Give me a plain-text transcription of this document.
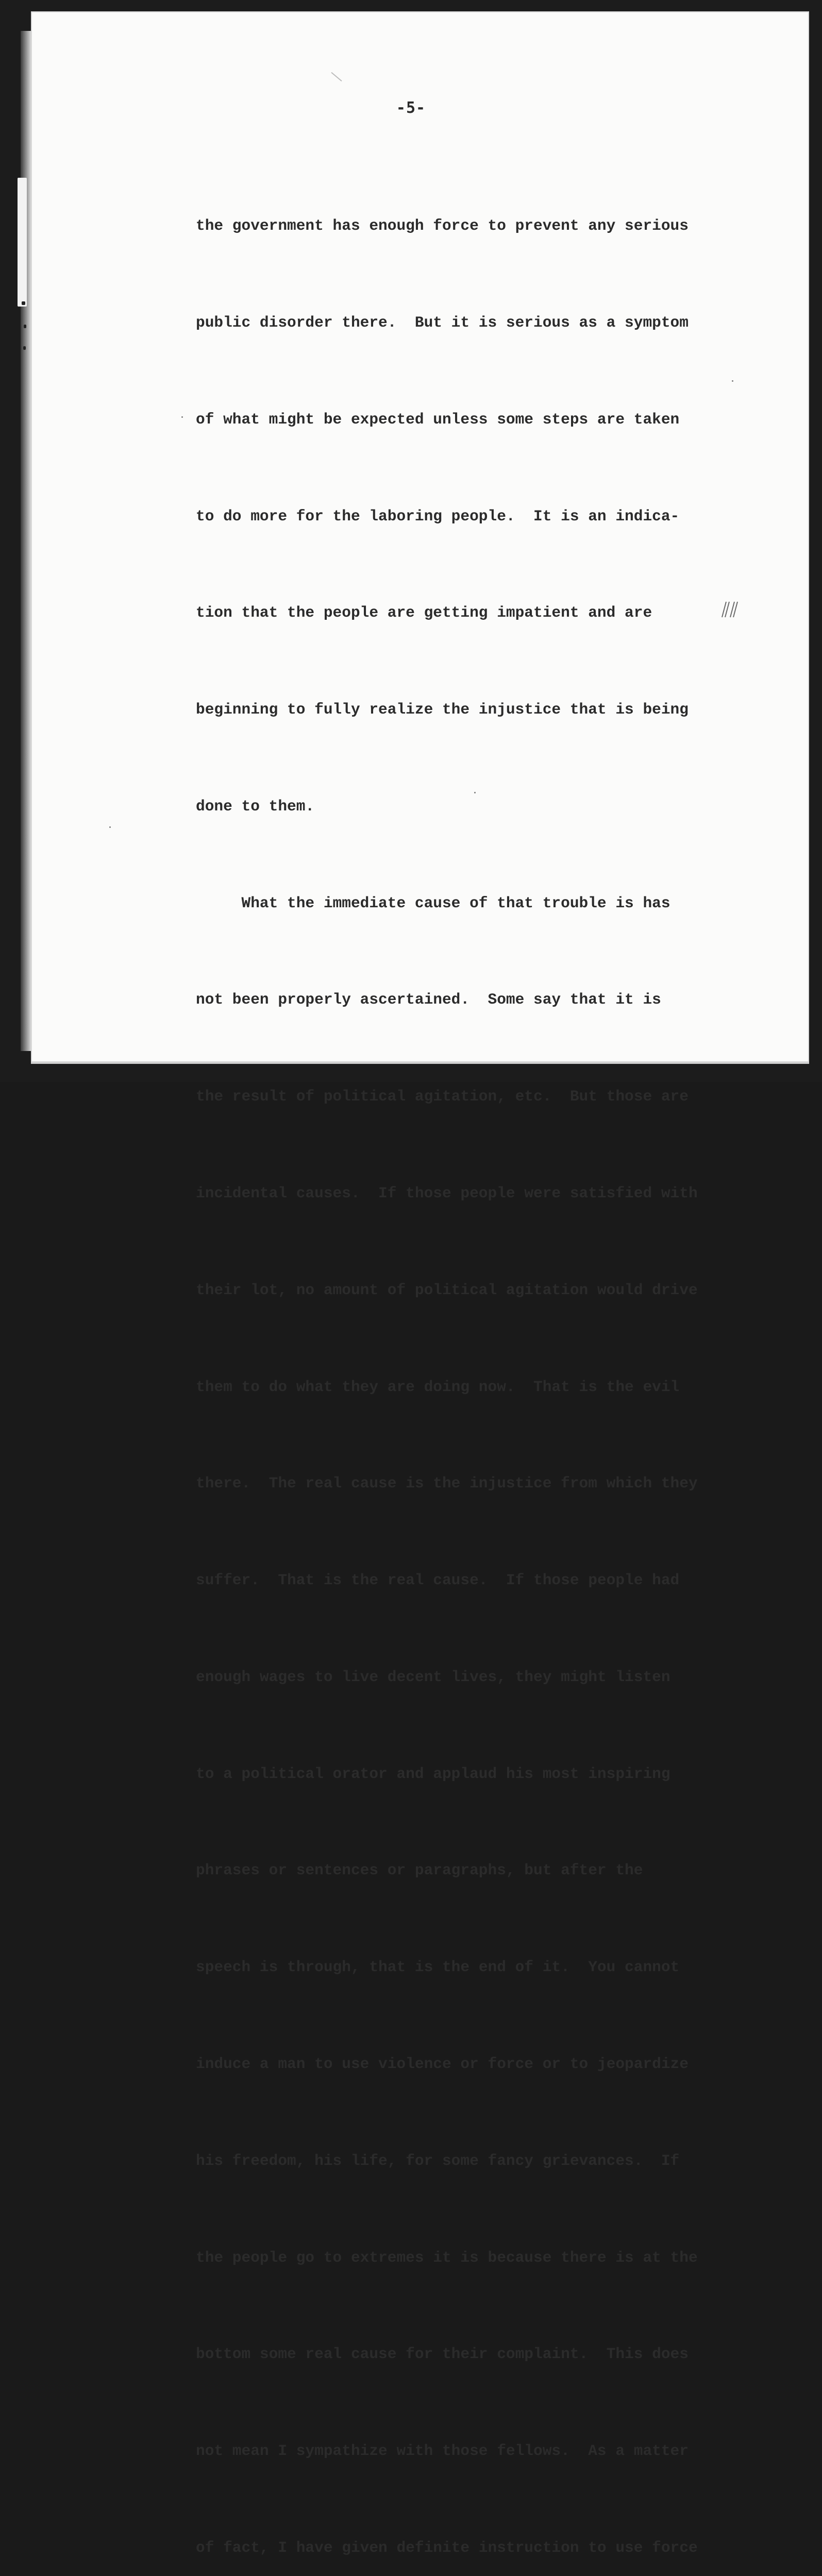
-5-

the government has enough force to prevent any serious

public disorder there.  But it is serious as a symptom

of what might be expected unless some steps are taken

to do more for the laboring people.  It is an indica-

tion that the people are getting impatient and are

beginning to fully realize the injustice that is being

done to them.

What the immediate cause of that trouble is has

not been properly ascertained.  Some say that it is

the result of political agitation, etc.  But those are

incidental causes.  If those people were satisfied with

their lot, no amount of political agitation would drive

them to do what they are doing now.  That is the evil

there.  The real cause is the injustice from which they

suffer.  That is the real cause.  If those people had

enough wages to live decent lives, they might listen

to a political orator and applaud his most inspiring

phrases or sentences or paragraphs, but after the

speech is through, that is the end of it.  You cannot

induce a man to use violence or force or to jeopardize

his freedom, his life, for some fancy grievances.  If

the people go to extremes it is because there is at the

bottom some real cause for their complaint.  This does

not mean I sympathize with those fellows.  As a matter

of fact, I have given definite instruction to use force
